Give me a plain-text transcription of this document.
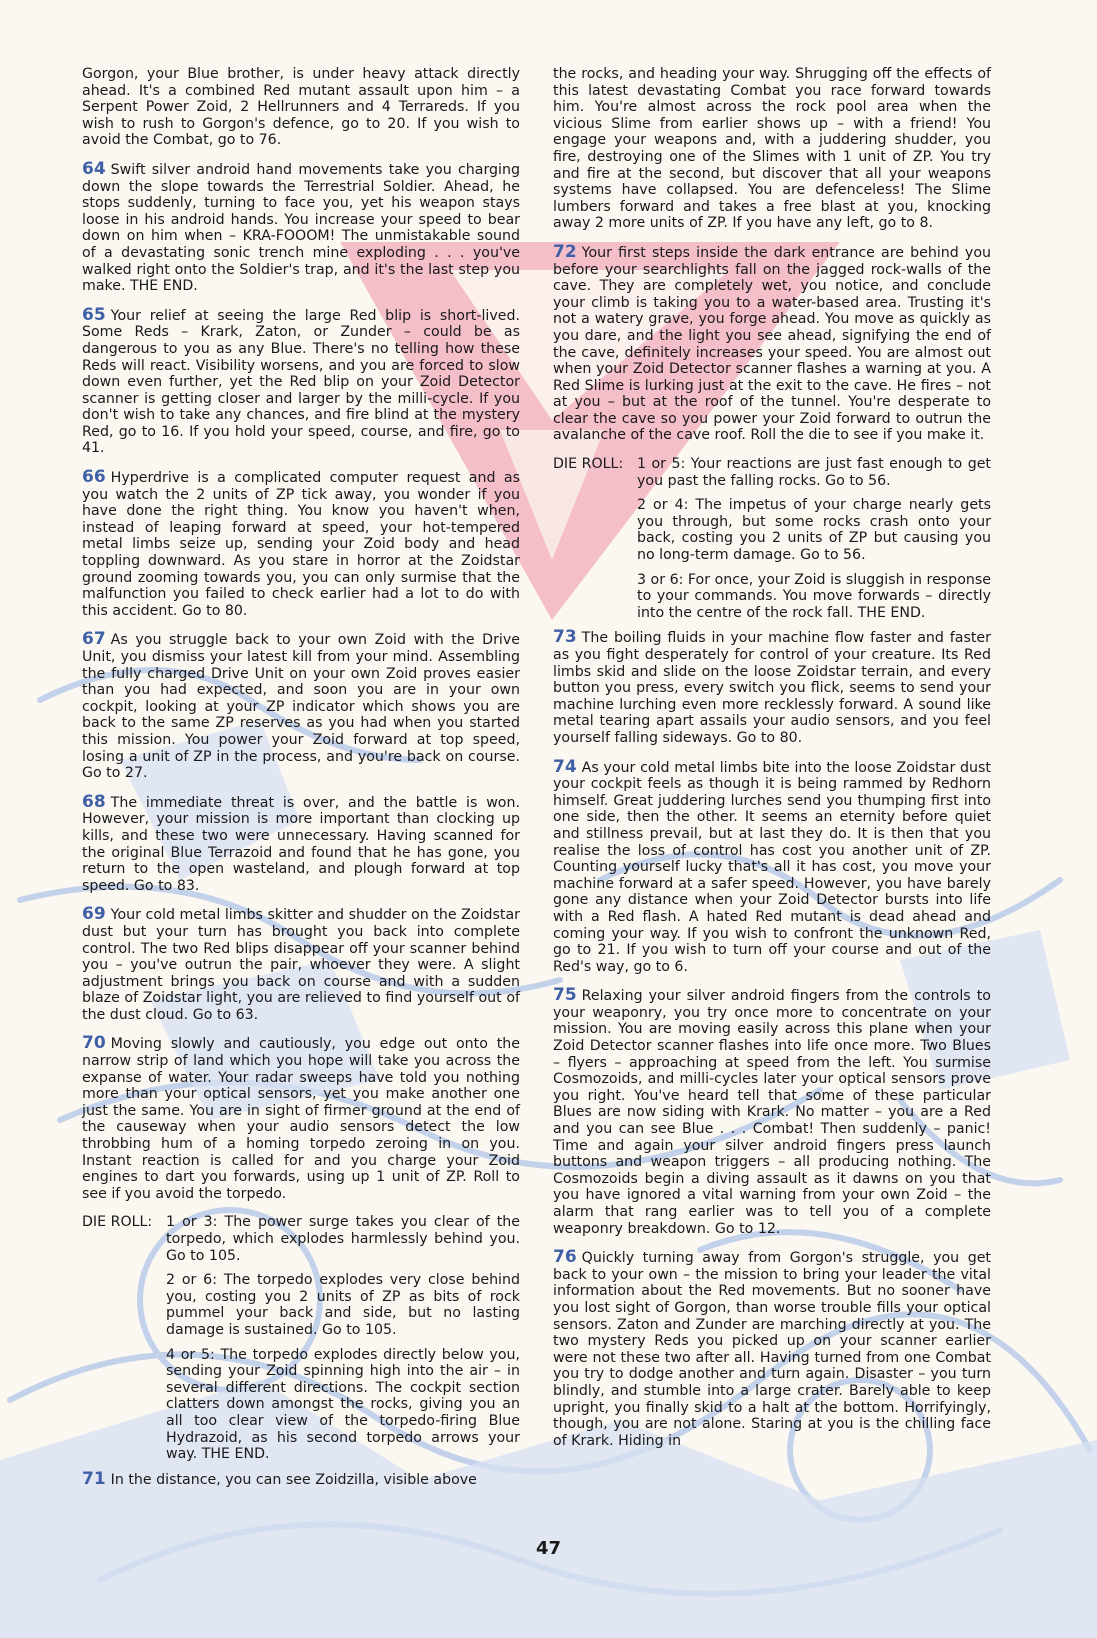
Gorgon, your Blue brother, is under heavy attack directly ahead. It's a combined Red mutant assault upon him – a Serpent Power Zoid, 2 Hellrunners and 4 Terrareds. If you wish to rush to Gorgon's defence, go to 20. If you wish to avoid the Combat, go to 76.

64 Swift silver android hand movements take you charging down the slope towards the Terrestrial Soldier. Ahead, he stops suddenly, turning to face you, yet his weapon stays loose in his android hands. You increase your speed to bear down on him when – KRA-FOOOM! The unmistakable sound of a devastating sonic trench mine exploding . . . you've walked right onto the Soldier's trap, and it's the last step you make. THE END.

65 Your relief at seeing the large Red blip is short-lived. Some Reds – Krark, Zaton, or Zunder – could be as dangerous to you as any Blue. There's no telling how these Reds will react. Visibility worsens, and you are forced to slow down even further, yet the Red blip on your Zoid Detector scanner is getting closer and larger by the milli-cycle. If you don't wish to take any chances, and fire blind at the mystery Red, go to 16. If you hold your speed, course, and fire, go to 41.

66 Hyperdrive is a complicated computer request and as you watch the 2 units of ZP tick away, you wonder if you have done the right thing. You know you haven't when, instead of leaping forward at speed, your hot-tempered metal limbs seize up, sending your Zoid body and head toppling downward. As you stare in horror at the Zoidstar ground zooming towards you, you can only surmise that the malfunction you failed to check earlier had a lot to do with this accident. Go to 80.

67 As you struggle back to your own Zoid with the Drive Unit, you dismiss your latest kill from your mind. Assembling the fully charged Drive Unit on your own Zoid proves easier than you had expected, and soon you are in your own cockpit, looking at your ZP indicator which shows you are back to the same ZP reserves as you had when you started this mission. You power your Zoid forward at top speed, losing a unit of ZP in the process, and you're back on course. Go to 27.

68 The immediate threat is over, and the battle is won. However, your mission is more important than clocking up kills, and these two were unnecessary. Having scanned for the original Blue Terrazoid and found that he has gone, you return to the open wasteland, and plough forward at top speed. Go to 83.

69 Your cold metal limbs skitter and shudder on the Zoidstar dust but your turn has brought you back into complete control. The two Red blips disappear off your scanner behind you – you've outrun the pair, whoever they were. A slight adjustment brings you back on course and with a sudden blaze of Zoidstar light, you are relieved to find yourself out of the dust cloud. Go to 63.

70 Moving slowly and cautiously, you edge out onto the narrow strip of land which you hope will take you across the expanse of water. Your radar sweeps have told you nothing more than your optical sensors, yet you make another one just the same. You are in sight of firmer ground at the end of the causeway when your audio sensors detect the low throbbing hum of a homing torpedo zeroing in on you. Instant reaction is called for and you charge your Zoid engines to dart you forwards, using up 1 unit of ZP. Roll to see if you avoid the torpedo.

DIE ROLL: 1 or 3: The power surge takes you clear of the torpedo, which explodes harmlessly behind you. Go to 105.
2 or 6: The torpedo explodes very close behind you, costing you 2 units of ZP as bits of rock pummel your back and side, but no lasting damage is sustained. Go to 105.
4 or 5: The torpedo explodes directly below you, sending your Zoid spinning high into the air – in several different directions. The cockpit section clatters down amongst the rocks, giving you an all too clear view of the torpedo-firing Blue Hydrazoid, as his second torpedo arrows your way. THE END.

71 In the distance, you can see Zoidzilla, visible above

the rocks, and heading your way. Shrugging off the effects of this latest devastating Combat you race forward towards him. You're almost across the rock pool area when the vicious Slime from earlier shows up – with a friend! You engage your weapons and, with a juddering shudder, you fire, destroying one of the Slimes with 1 unit of ZP. You try and fire at the second, but discover that all your weapons systems have collapsed. You are defenceless! The Slime lumbers forward and takes a free blast at you, knocking away 2 more units of ZP. If you have any left, go to 8.

72 Your first steps inside the dark entrance are behind you before your searchlights fall on the jagged rock-walls of the cave. They are completely wet, you notice, and conclude your climb is taking you to a water-based area. Trusting it's not a watery grave, you forge ahead. You move as quickly as you dare, and the light you see ahead, signifying the end of the cave, definitely increases your speed. You are almost out when your Zoid Detector scanner flashes a warning at you. A Red Slime is lurking just at the exit to the cave. He fires – not at you – but at the roof of the tunnel. You're desperate to clear the cave so you power your Zoid forward to outrun the avalanche of the cave roof. Roll the die to see if you make it.

DIE ROLL: 1 or 5: Your reactions are just fast enough to get you past the falling rocks. Go to 56.
2 or 4: The impetus of your charge nearly gets you through, but some rocks crash onto your back, costing you 2 units of ZP but causing you no long-term damage. Go to 56.
3 or 6: For once, your Zoid is sluggish in response to your commands. You move forwards – directly into the centre of the rock fall. THE END.

73 The boiling fluids in your machine flow faster and faster as you fight desperately for control of your creature. Its Red limbs skid and slide on the loose Zoidstar terrain, and every button you press, every switch you flick, seems to send your machine lurching even more recklessly forward. A sound like metal tearing apart assails your audio sensors, and you feel yourself falling sideways. Go to 80.

74 As your cold metal limbs bite into the loose Zoidstar dust your cockpit feels as though it is being rammed by Redhorn himself. Great juddering lurches send you thumping first into one side, then the other. It seems an eternity before quiet and stillness prevail, but at last they do. It is then that you realise the loss of control has cost you another unit of ZP. Counting yourself lucky that's all it has cost, you move your machine forward at a safer speed. However, you have barely gone any distance when your Zoid Detector bursts into life with a Red flash. A hated Red mutant is dead ahead and coming your way. If you wish to confront the unknown Red, go to 21. If you wish to turn off your course and out of the Red's way, go to 6.

75 Relaxing your silver android fingers from the controls to your weaponry, you try once more to concentrate on your mission. You are moving easily across this plane when your Zoid Detector scanner flashes into life once more. Two Blues – flyers – approaching at speed from the left. You surmise Cosmozoids, and milli-cycles later your optical sensors prove you right. You've heard tell that some of these particular Blues are now siding with Krark. No matter – you are a Red and you can see Blue . . . Combat! Then suddenly – panic! Time and again your silver android fingers press launch buttons and weapon triggers – all producing nothing. The Cosmozoids begin a diving assault as it dawns on you that you have ignored a vital warning from your own Zoid – the alarm that rang earlier was to tell you of a complete weaponry breakdown. Go to 12.

76 Quickly turning away from Gorgon's struggle, you get back to your own – the mission to bring your leader the vital information about the Red movements. But no sooner have you lost sight of Gorgon, than worse trouble fills your optical sensors. Zaton and Zunder are marching directly at you. The two mystery Reds you picked up on your scanner earlier were not these two after all. Having turned from one Combat you try to dodge another and turn again. Disaster – you turn blindly, and stumble into a large crater. Barely able to keep upright, you finally skid to a halt at the bottom. Horrifyingly, though, you are not alone. Staring at you is the chilling face of Krark. Hiding in

47
